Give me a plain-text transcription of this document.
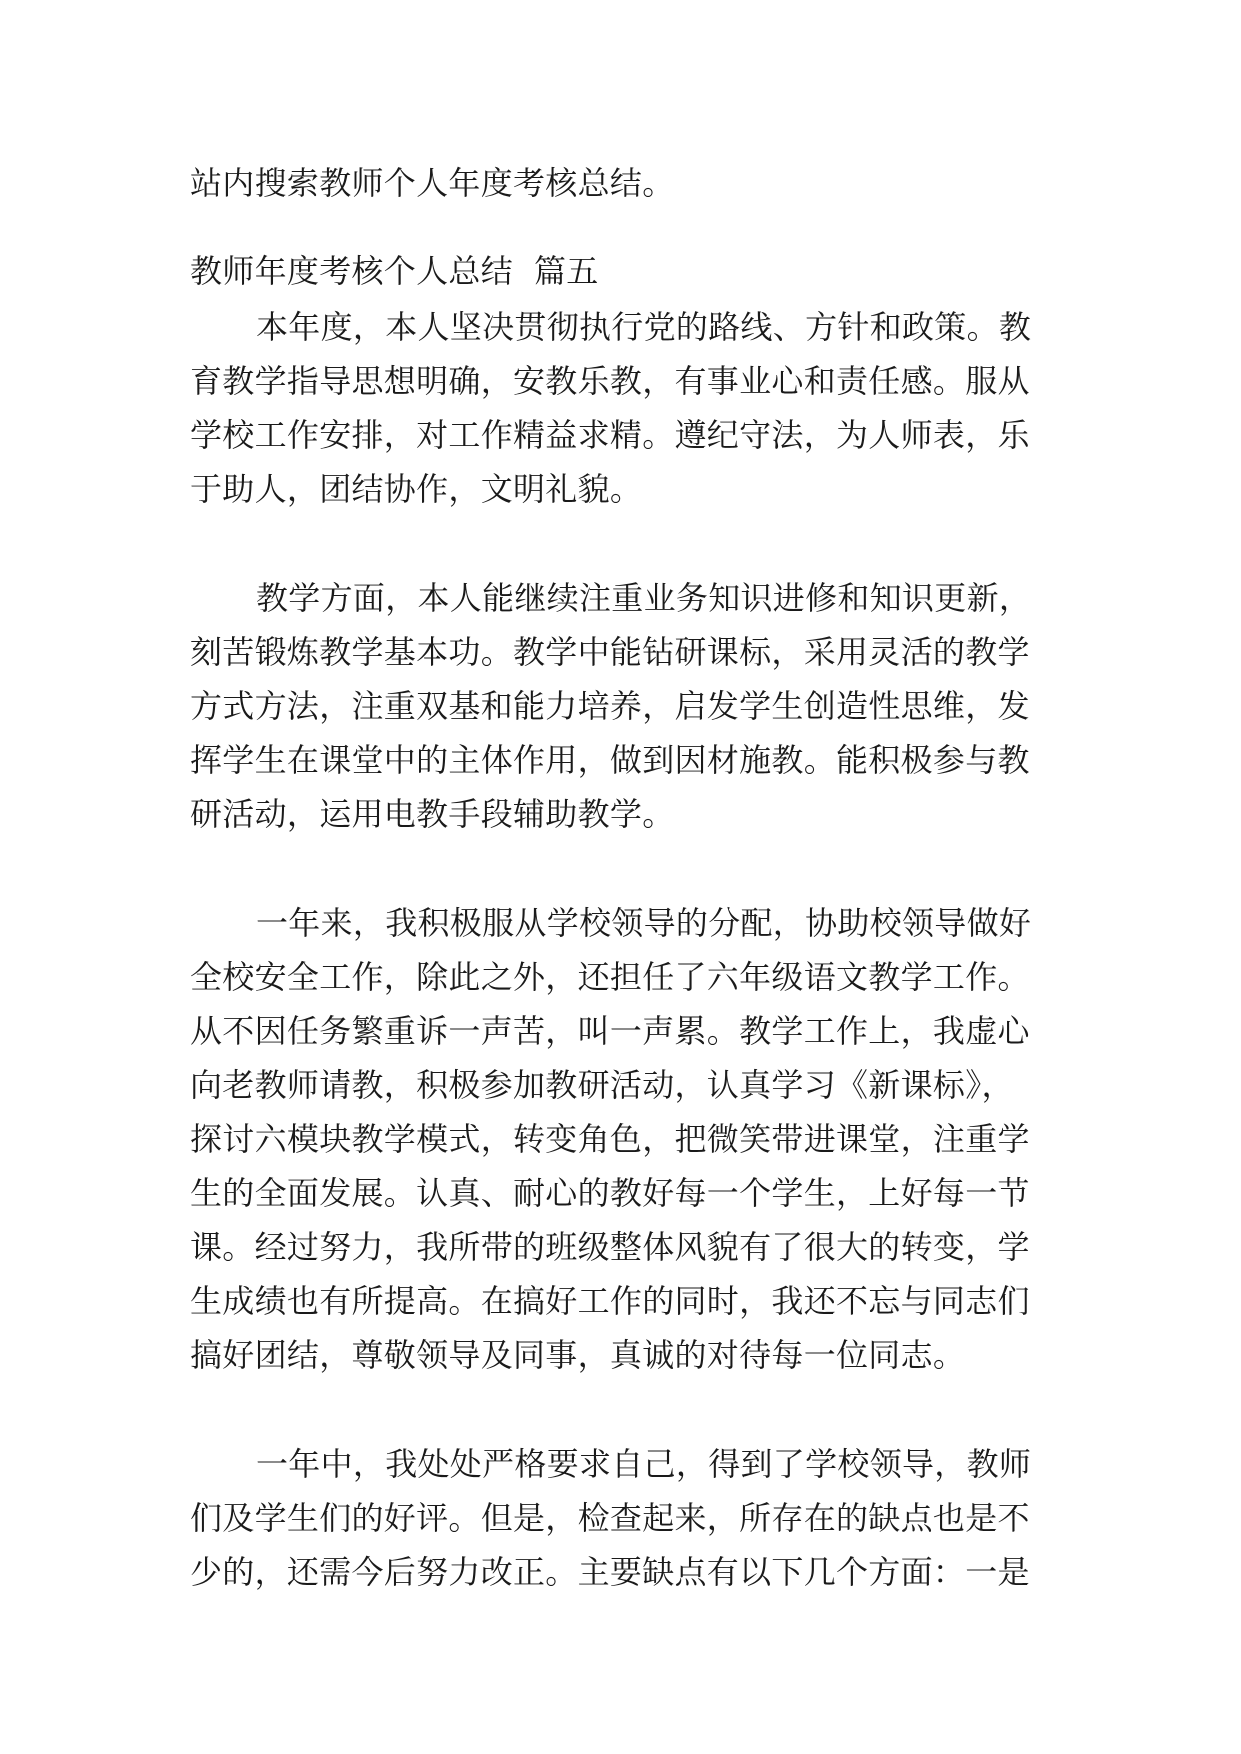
站内搜索教师个人年度考核总结。

教师年度考核个人总结  篇五

本年度，本人坚决贯彻执行党的路线、方针和政策。教

育教学指导思想明确，安教乐教，有事业心和责任感。服从

学校工作安排，对工作精益求精。遵纪守法，为人师表，乐

于助人，团结协作，文明礼貌。

教学方面，本人能继续注重业务知识进修和知识更新，

刻苦锻炼教学基本功。教学中能钻研课标，采用灵活的教学

方式方法，注重双基和能力培养，启发学生创造性思维，发

挥学生在课堂中的主体作用，做到因材施教。能积极参与教

研活动，运用电教手段辅助教学。

一年来，我积极服从学校领导的分配，协助校领导做好

全校安全工作，除此之外，还担任了六年级语文教学工作。

从不因任务繁重诉一声苦，叫一声累。教学工作上，我虚心

向老教师请教，积极参加教研活动，认真学习《新课标》，

探讨六模块教学模式，转变角色，把微笑带进课堂，注重学

生的全面发展。认真、耐心的教好每一个学生，上好每一节

课。经过努力，我所带的班级整体风貌有了很大的转变，学

生成绩也有所提高。在搞好工作的同时，我还不忘与同志们

搞好团结，尊敬领导及同事，真诚的对待每一位同志。

一年中，我处处严格要求自己，得到了学校领导，教师

们及学生们的好评。但是，检查起来，所存在的缺点也是不

少的，还需今后努力改正。主要缺点有以下几个方面：一是
